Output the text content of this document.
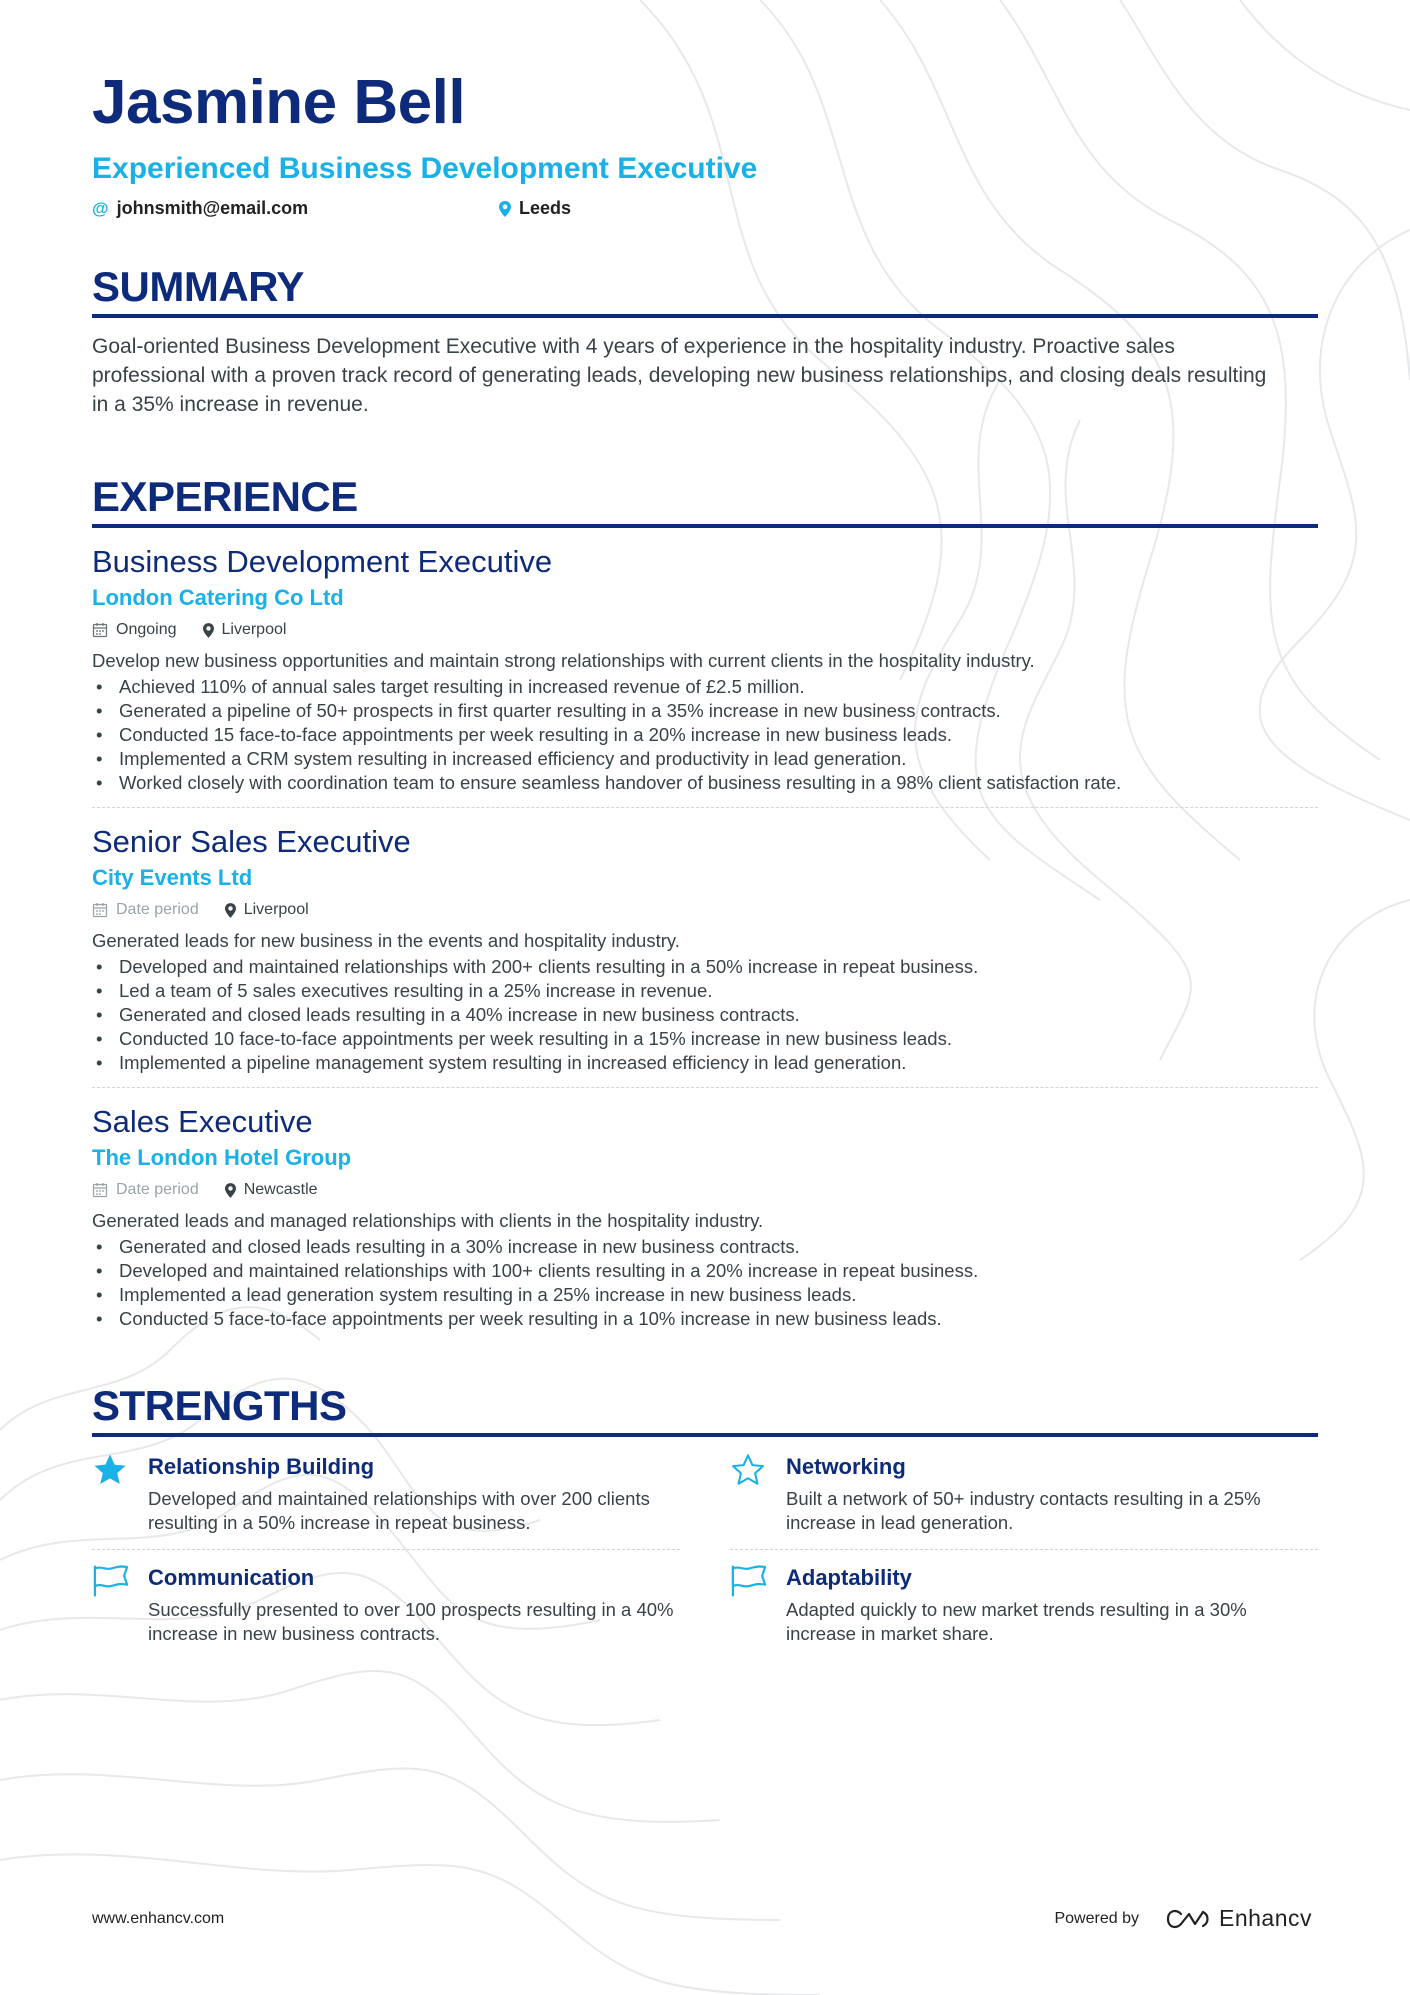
Jasmine Bell
Experienced Business Development Executive
@ johnsmith@email.com	Leeds
SUMMARY
Goal-oriented Business Development Executive with 4 years of experience in the hospitality industry. Proactive sales professional with a proven track record of generating leads, developing new business relationships, and closing deals resulting in a 35% increase in revenue.
EXPERIENCE
Business Development Executive
London Catering Co Ltd
Ongoing	Liverpool
Develop new business opportunities and maintain strong relationships with current clients in the hospitality industry.
• Achieved 110% of annual sales target resulting in increased revenue of £2.5 million.
• Generated a pipeline of 50+ prospects in first quarter resulting in a 35% increase in new business contracts.
• Conducted 15 face-to-face appointments per week resulting in a 20% increase in new business leads.
• Implemented a CRM system resulting in increased efficiency and productivity in lead generation.
• Worked closely with coordination team to ensure seamless handover of business resulting in a 98% client satisfaction rate.
Senior Sales Executive
City Events Ltd
Date period	Liverpool
Generated leads for new business in the events and hospitality industry.
• Developed and maintained relationships with 200+ clients resulting in a 50% increase in repeat business.
• Led a team of 5 sales executives resulting in a 25% increase in revenue.
• Generated and closed leads resulting in a 40% increase in new business contracts.
• Conducted 10 face-to-face appointments per week resulting in a 15% increase in new business leads.
• Implemented a pipeline management system resulting in increased efficiency in lead generation.
Sales Executive
The London Hotel Group
Date period	Newcastle
Generated leads and managed relationships with clients in the hospitality industry.
• Generated and closed leads resulting in a 30% increase in new business contracts.
• Developed and maintained relationships with 100+ clients resulting in a 20% increase in repeat business.
• Implemented a lead generation system resulting in a 25% increase in new business leads.
• Conducted 5 face-to-face appointments per week resulting in a 10% increase in new business leads.
STRENGTHS
Relationship Building
Developed and maintained relationships with over 200 clients resulting in a 50% increase in repeat business.
Networking
Built a network of 50+ industry contacts resulting in a 25% increase in lead generation.
Communication
Successfully presented to over 100 prospects resulting in a 40% increase in new business contracts.
Adaptability
Adapted quickly to new market trends resulting in a 30% increase in market share.
www.enhancv.com	Powered by	Enhancv
